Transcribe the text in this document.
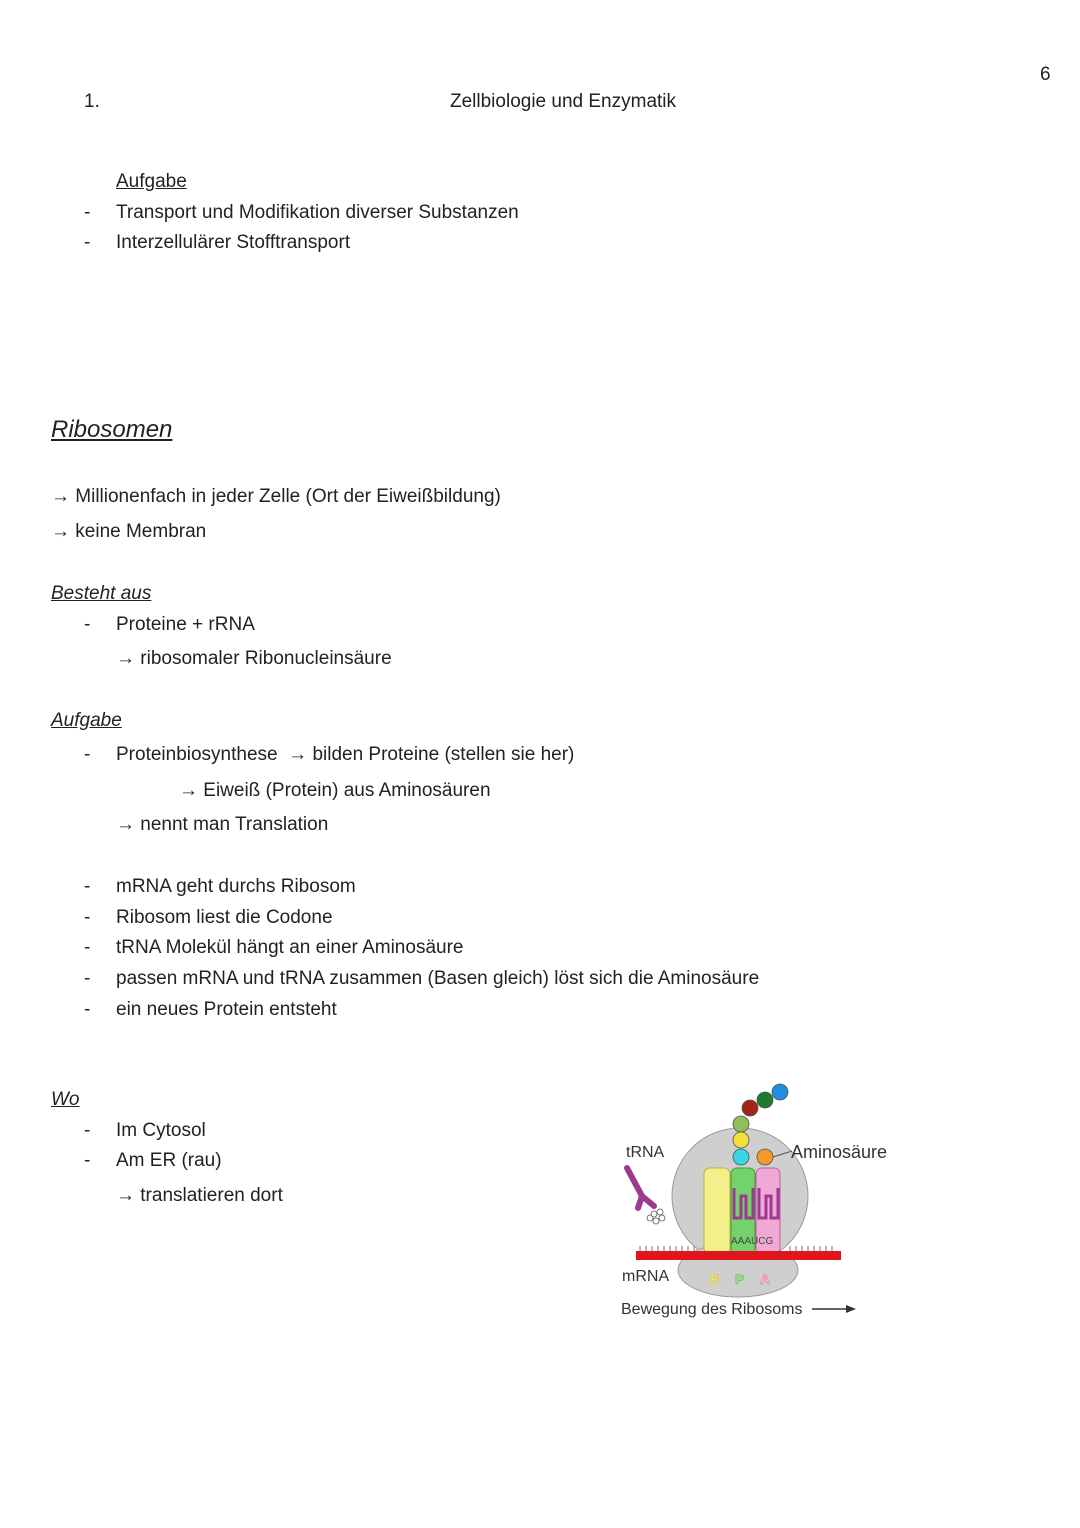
6
1.	Zellbiologie und Enzymatik
Aufgabe
- Transport und Modifikation diverser Substanzen
- Interzellulärer Stofftransport
Ribosomen
→ Millionenfach in jeder Zelle (Ort der Eiweißbildung)
→ keine Membran
Besteht aus
- Proteine + rRNA
→ ribosomaler Ribonucleinsäure
Aufgabe
- Proteinbiosynthese  → bilden Proteine (stellen sie her)
→ Eiweiß (Protein) aus Aminosäuren
→ nennt man Translation
- mRNA geht durchs Ribosom
- Ribosom liest die Codone
- tRNA Molekül hängt an einer Aminosäure
- passen mRNA und tRNA zusammen (Basen gleich) löst sich die Aminosäure
- ein neues Protein entsteht
Wo
- Im Cytosol
- Am ER (rau)
→ translatieren dort
AAAUCG
tRNA	Aminosäure
mRNA	E P A
Bewegung des Ribosoms
